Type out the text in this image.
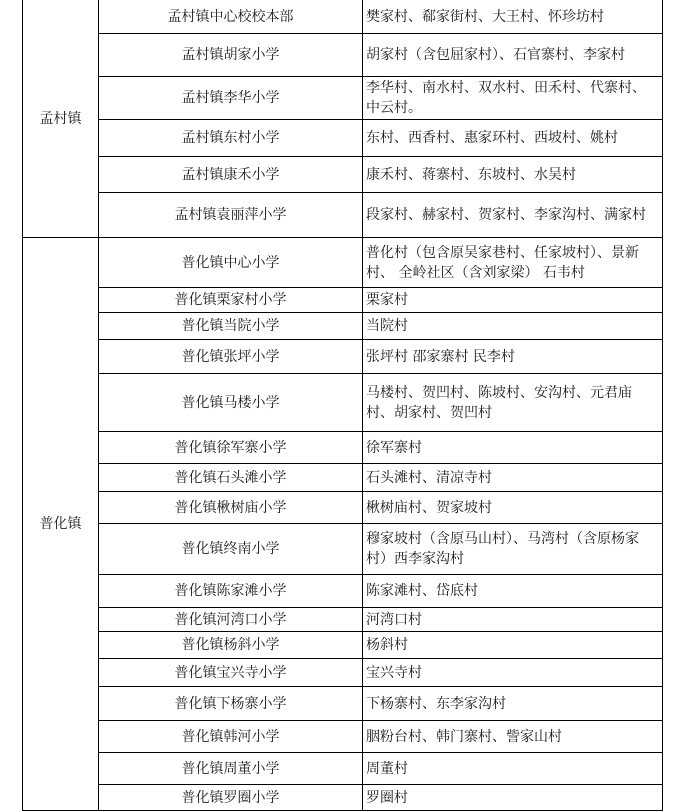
孟村镇	孟村镇中心校校本部	樊家村、郗家街村、大王村、怀珍坊村
	孟村镇胡家小学	胡家村（含包屈家村）、石官寨村、李家村
	孟村镇李华小学	李华村、南水村、双水村、田禾村、代寨村、中云村。
	孟村镇东村小学	东村、西香村、惠家环村、西坡村、姚村
	孟村镇康禾小学	康禾村、蒋寨村、东坡村、水吴村
	孟村镇袁丽萍小学	段家村、赫家村、贺家村、李家沟村、满家村
普化镇	普化镇中心小学	普化村（包含原吴家巷村、任家坡村）、景新村、 全岭社区（含刘家梁） 石韦村
	普化镇栗家村小学	栗家村
	普化镇当院小学	当院村
	普化镇张坪小学	张坪村 邵家寨村 民李村
	普化镇马楼小学	马楼村、贺凹村、陈坡村、安沟村、元君庙村、胡家村、贺凹村
	普化镇徐军寨小学	徐军寨村
	普化镇石头滩小学	石头滩村、清凉寺村
	普化镇楸树庙小学	楸树庙村、贺家坡村
	普化镇终南小学	穆家坡村（含原马山村）、马湾村（含原杨家村）西李家沟村
	普化镇陈家滩小学	陈家滩村、岱底村
	普化镇河湾口小学	河湾口村
	普化镇杨斜小学	杨斜村
	普化镇宝兴寺小学	宝兴寺村
	普化镇下杨寨小学	下杨寨村、东李家沟村
	普化镇韩河小学	胭粉台村、韩门寨村、訾家山村
	普化镇周董小学	周董村
	普化镇罗圈小学	罗圈村
